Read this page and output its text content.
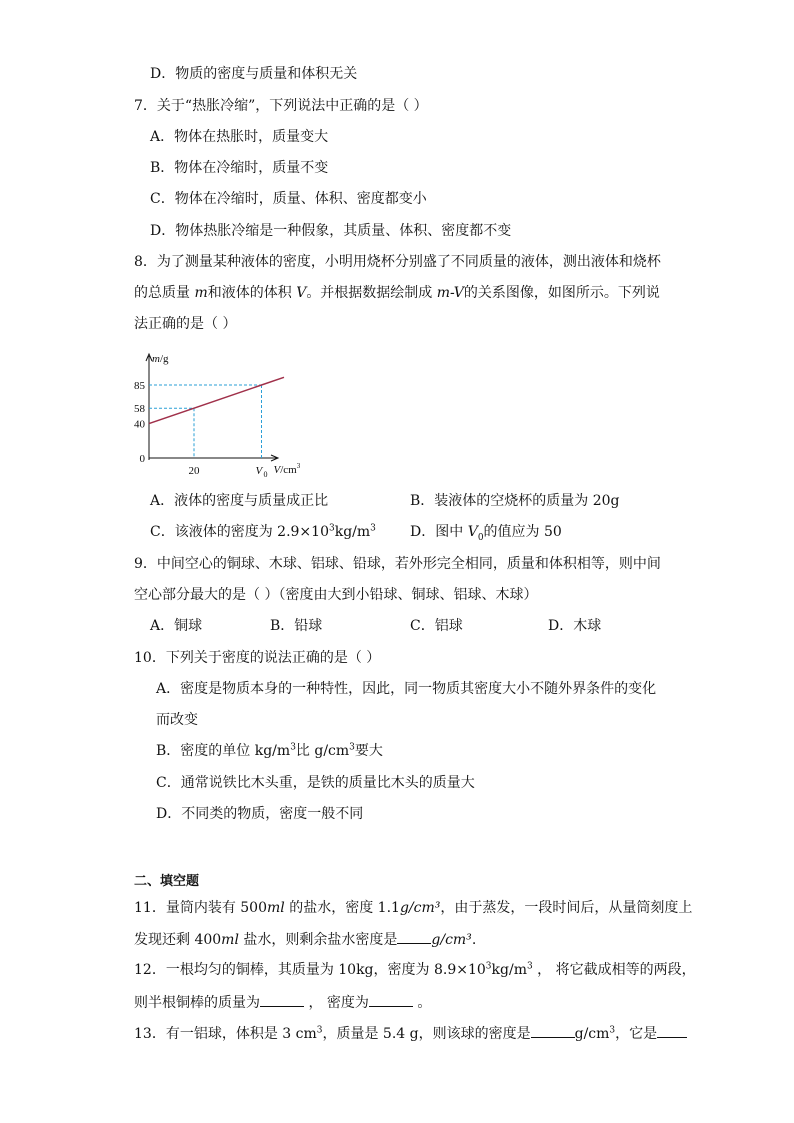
D．物质的密度与质量和体积无关
7．关于“热胀冷缩”，下列说法中正确的是（ ）
A．物体在热胀时，质量变大
B．物体在冷缩时，质量不变
C．物体在冷缩时，质量、体积、密度都变小
D．物体热胀冷缩是一种假象，其质量、体积、密度都不变
8．为了测量某种液体的密度，小明用烧杯分别盛了不同质量的液体，测出液体和烧杯
的总质量 m和液体的体积 V。并根据数据绘制成 m-V的关系图像，如图所示。下列说
法正确的是（ ）
0
40
58
85
20	V 0
m/g
$V/cm^3$
A．液体的密度与质量成正比	B．装液体的空烧杯的质量为 20g
C．该液体的密度为 $2.9\times 10^3kg/m^3$ D．图中 $V_0$的值应为 50
9．中间空心的铜球、木球、铝球、铅球，若外形完全相同，质量和体积相等，则中间
空心部分最大的是（ ）（密度由大到小铅球、铜球、铝球、木球）
A．铜球	B．铅球	C．铝球	D．木球
10．下列关于密度的说法正确的是（ ）
A．密度是物质本身的一种特性，因此，同一物质其密度大小不随外界条件的变化
而改变
B．密度的单位 $kg/m^3$比 $g/cm^3$要大
C．通常说铁比木头重，是铁的质量比木头的质量大
D．不同类的物质，密度一般不同
二、填空题
11．量筒内装有 500ml 的盐水，密度 1.1g/cm³，由于蒸发，一段时间后，从量筒刻度上
发现还剩 400ml 盐水，则剩余盐水密度是 g/cm³.
12．一根均匀的铜棒，其质量为 10kg，密度为 $8.9\times 10^3kg/m^3$ ， 将它截成相等的两段，
则半根铜棒的质量为	， 密度为	。
13．有一铝球，体积是 3 $cm^3$，质量是 5.4 g，则该球的密度是	$g/cm^3$，它是
